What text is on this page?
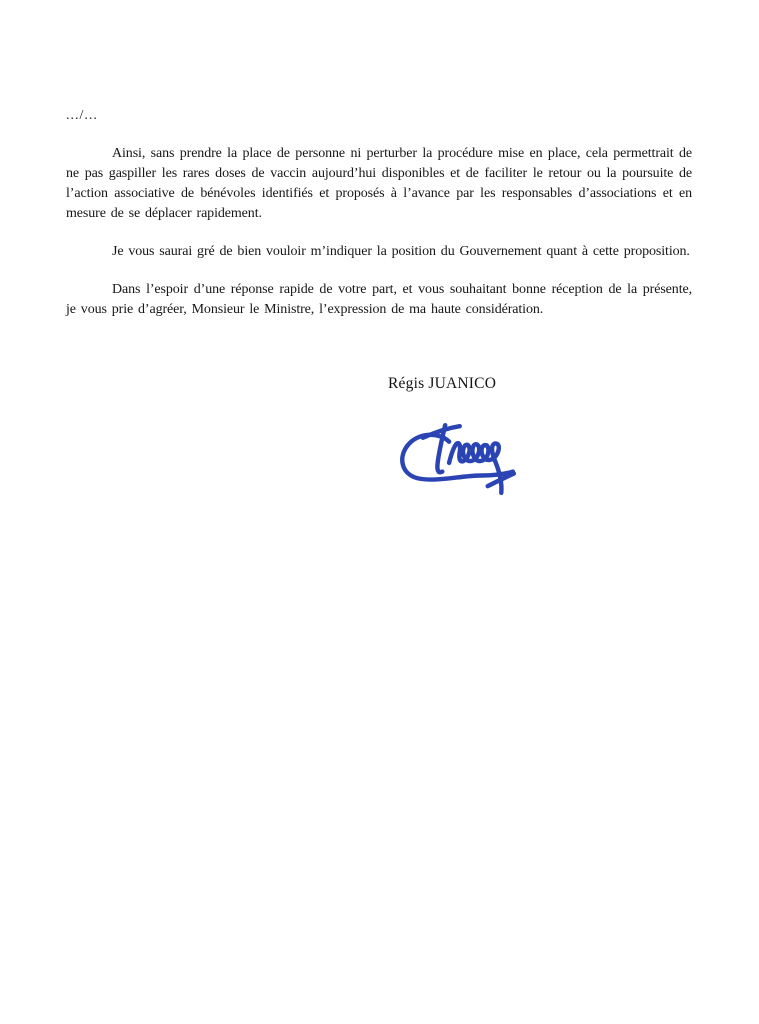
.../...

Ainsi, sans prendre la place de personne ni perturber la procédure mise en place, cela permettrait de ne pas gaspiller les rares doses de vaccin aujourd’hui disponibles et de faciliter le retour ou la poursuite de l’action associative de bénévoles identifiés et proposés à l’avance par les responsables d’associations et en mesure de se déplacer rapidement.

Je vous saurai gré de bien vouloir m’indiquer la position du Gouvernement quant à cette proposition.

Dans l’espoir d’une réponse rapide de votre part, et vous souhaitant bonne réception de la présente, je vous prie d’agréer, Monsieur le Ministre, l’expression de ma haute considération.

Régis JUANICO
